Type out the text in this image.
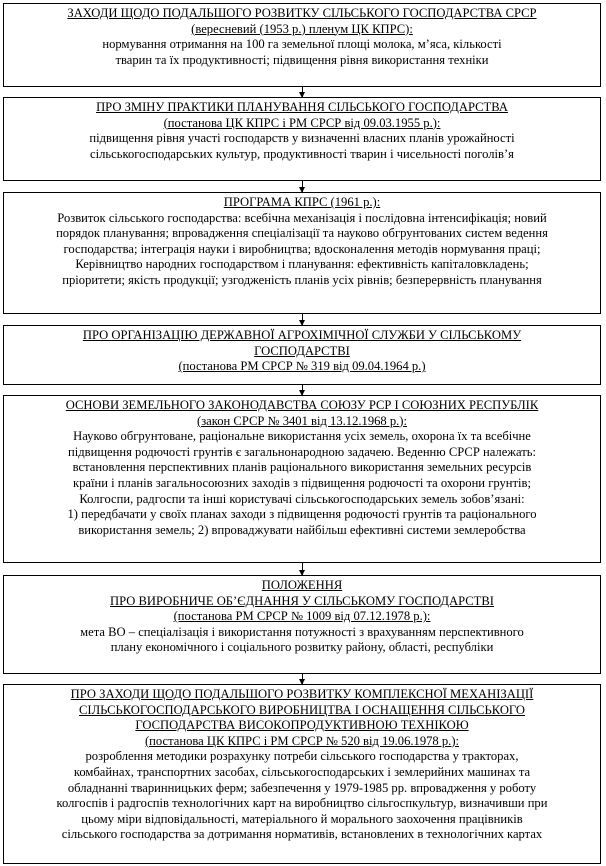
ЗАХОДИ ЩОДО ПОДАЛЬШОГО РОЗВИТКУ СІЛЬСЬКОГО ГОСПОДАРСТВА СРСР
(вересневий (1953 р.) пленум ЦК КПРС):
нормування отримання на 100 га земельної площі молока, м’яса, кількості
тварин та їх продуктивності; підвищення рівня використання техніки
ПРО ЗМІНУ ПРАКТИКИ ПЛАНУВАННЯ СІЛЬСЬКОГО ГОСПОДАРСТВА
(постанова ЦК КПРС і РМ СРСР від 09.03.1955 р.):
підвищення рівня участі господарств у визначенні власних планів урожайності
сільськогосподарських культур, продуктивності тварин і чисельності поголів’я
ПРОГРАМА КПРС (1961 р.):
Розвиток сільського господарства: всебічна механізація і послідовна інтенсифікація; новий
порядок планування; впровадження спеціалізації та науково обгрунтованих систем ведення
господарства; інтеграція науки і виробництва; вдосконалення методів нормування праці;
Керівництво народних господарством і планування: ефективність капіталовкладень;
пріоритети; якість продукції; узгодженість планів усіх рівнів; безперервність планування
ПРО ОРГАНІЗАЦІЮ ДЕРЖАВНОЇ АГРОХІМІЧНОЇ СЛУЖБИ У СІЛЬСЬКОМУ
ГОСПОДАРСТВІ
(постанова РМ СРСР № 319 від 09.04.1964 р.)
ОСНОВИ ЗЕМЕЛЬНОГО ЗАКОНОДАВСТВА СОЮЗУ РСР І СОЮЗНИХ РЕСПУБЛІК
(закон СРСР № 3401 від 13.12.1968 р.):
Науково обгрунтоване, раціональне використання усіх земель, охорона їх та всебічне
підвищення родючості грунтів є загальнонародною задачею. Веденню СРСР належать:
встановлення перспективних планів раціонального використання земельних ресурсів
країни і планів загальносоюзних заходів з підвищення родючості та охорони грунтів;
Колгоспи, радгоспи та інші користувачі сільськогосподарських земель зобов’язані:
1) передбачати у своїх планах заходи з підвищення родючості грунтів та раціонального
використання земель; 2) впроваджувати найбільш ефективні системи землеробства
ПОЛОЖЕННЯ
ПРО ВИРОБНИЧЕ ОБ’ЄДНАННЯ У СІЛЬСЬКОМУ ГОСПОДАРСТВІ
(постанова РМ СРСР № 1009 від 07.12.1978 р.):
мета ВО – спеціалізація і використання потужності з врахуванням перспективного
плану економічного і соціального розвитку району, області, республіки
ПРО ЗАХОДИ ЩОДО ПОДАЛЬШОГО РОЗВИТКУ КОМПЛЕКСНОЇ МЕХАНІЗАЦІЇ
СІЛЬСЬКОГОСПОДАРСЬКОГО ВИРОБНИЦТВА І ОСНАЩЕННЯ СІЛЬСЬКОГО
ГОСПОДАРСТВА ВИСОКОПРОДУКТИВНОЮ ТЕХНІКОЮ
(постанова ЦК КПРС і РМ СРСР № 520 від 19.06.1978 р.):
розроблення методики розрахунку потреби сільського господарства у тракторах,
комбайнах, транспортних засобах, сільськогосподарських і землерийних машинах та
обладнанні тваринницьких ферм; забезпечення у 1979-1985 рр. впровадження у роботу
колгоспів і радгоспів технологічних карт на виробництво сільгоспкультур, визначивши при
цьому міри відповідальності, матеріального й морального заохочення працівників
сільського господарства за дотримання нормативів, встановлених в технологічних картах
